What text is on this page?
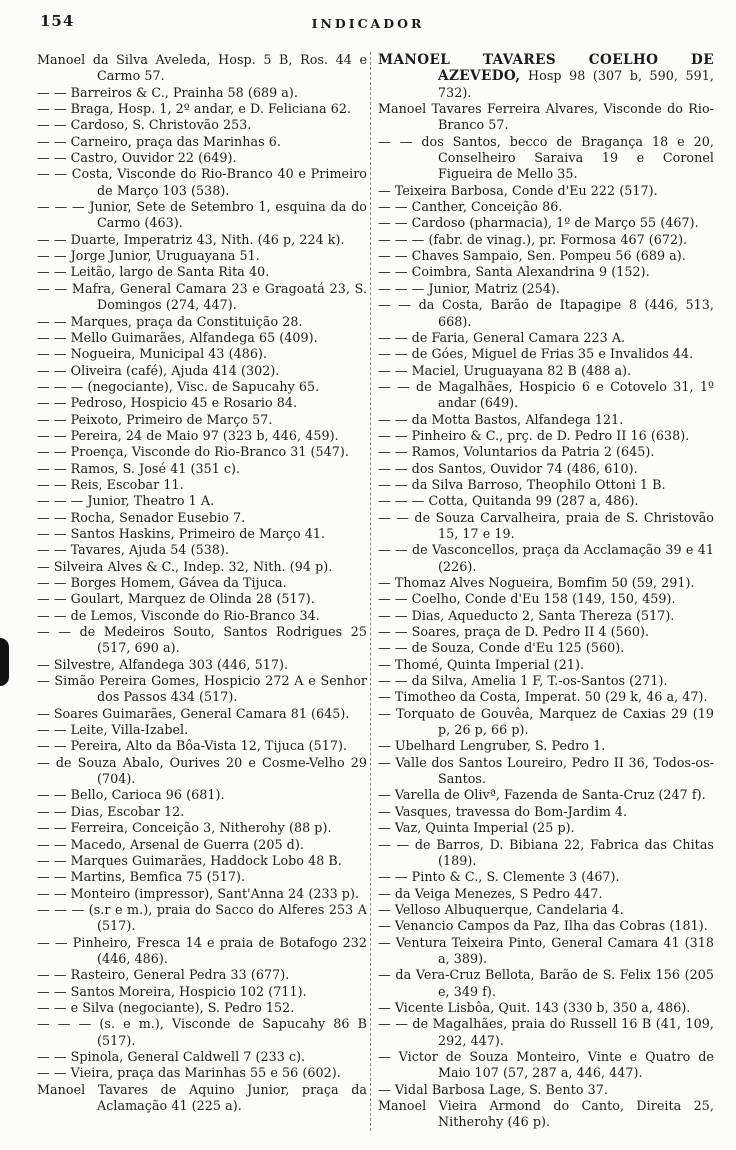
154	INDICADOR

Manoel da Silva Aveleda, Hosp. 5 B, Ros. 44 e Carmo 57.

— — Barreiros & C., Prainha 58 (689 a).

— — Braga, Hosp. 1, 2º andar, e D. Feliciana 62.

— — Cardoso, S. Christovão 253.

— — Carneiro, praça das Marinhas 6.

— — Castro, Ouvidor 22 (649).

— — Costa, Visconde do Rio-Branco 40 e Primeiro de Março 103 (538).

— — — Junior, Sete de Setembro 1, esquina da do Carmo (463).

— — Duarte, Imperatriz 43, Nith. (46 p, 224 k).

— — Jorge Junior, Uruguayana 51.

— — Leitão, largo de Santa Rita 40.

— — Mafra, General Camara 23 e Gragoatá 23, S. Domingos (274, 447).

— — Marques, praça da Constituição 28.

— — Mello Guimarães, Alfandega 65 (409).

— — Nogueira, Municipal 43 (486).

— — Oliveira (café), Ajuda 414 (302).

— — — (negociante), Visc. de Sapucahy 65.

— — Pedroso, Hospicio 45 e Rosario 84.

— — Peixoto, Primeiro de Março 57.

— — Pereira, 24 de Maio 97 (323 b, 446, 459).

— — Proença, Visconde do Rio-Branco 31 (547).

— — Ramos, S. José 41 (351 c).

— — Reis, Escobar 11.

— — — Junior, Theatro 1 A.

— — Rocha, Senador Eusebio 7.

— — Santos Haskins, Primeiro de Março 41.

— — Tavares, Ajuda 54 (538).

— Silveira Alves & C., Indep. 32, Nith. (94 p).

— — Borges Homem, Gávea da Tijuca.

— — Goulart, Marquez de Olinda 28 (517).

— — de Lemos, Visconde do Rio-Branco 34.

— — de Medeiros Souto, Santos Rodrigues 25 (517, 690 a).

— Silvestre, Alfandega 303 (446, 517).

— Simão Pereira Gomes, Hospicio 272 A e Senhor dos Passos 434 (517).

— Soares Guimarães, General Camara 81 (645).

— — Leite, Villa-Izabel.

— — Pereira, Alto da Bôa-Vista 12, Tijuca (517).

— de Souza Abalo, Ourives 20 e Cosme-Velho 29 (704).

— — Bello, Carioca 96 (681).

— — Dias, Escobar 12.

— — Ferreira, Conceição 3, Nitherohy (88 p).

— — Macedo, Arsenal de Guerra (205 d).

— — Marques Guimarães, Haddock Lobo 48 B.

— — Martins, Bemfica 75 (517).

— — Monteiro (impressor), Sant'Anna 24 (233 p).

— — — (s.r e m.), praia do Sacco do Alferes 253 A (517).

— — Pinheiro, Fresca 14 e praia de Botafogo 232 (446, 486).

— — Rasteiro, General Pedra 33 (677).

— — Santos Moreira, Hospicio 102 (711).

— — e Silva (negociante), S. Pedro 152.

— — — (s. e m.), Visconde de Sapucahy 86 B (517).

— — Spinola, General Caldwell 7 (233 c).

— — Vieira, praça das Marinhas 55 e 56 (602).

Manoel Tavares de Aquino Junior, praça da Aclamação 41 (225 a).

MANOEL TAVARES COELHO DE AZEVEDO, Hosp 98 (307 b, 590, 591, 732).

Manoel Tavares Ferreira Alvares, Visconde do Rio-Branco 57.

— — dos Santos, becco de Bragança 18 e 20, Conselheiro Saraiva 19 e Coronel Figueira de Mello 35.

— Teixeira Barbosa, Conde d'Eu 222 (517).

— — Canther, Conceição 86.

— — Cardoso (pharmacia), 1º de Março 55 (467).

— — — (fabr. de vinag.), pr. Formosa 467 (672).

— — Chaves Sampaio, Sen. Pompeu 56 (689 a).

— — Coimbra, Santa Alexandrina 9 (152).

— — — Junior, Matriz (254).

— — da Costa, Barão de Itapagipe 8 (446, 513, 668).

— — de Faria, General Camara 223 A.

— — de Góes, Miguel de Frias 35 e Invalidos 44.

— — Maciel, Uruguayana 82 B (488 a).

— — de Magalhães, Hospicio 6 e Cotovelo 31, 1º andar (649).

— — da Motta Bastos, Alfandega 121.

— — Pinheiro & C., prç. de D. Pedro II 16 (638).

— — Ramos, Voluntarios da Patria 2 (645).

— — dos Santos, Ouvidor 74 (486, 610).

— — da Silva Barroso, Theophilo Ottoni 1 B.

— — — Cotta, Quitanda 99 (287 a, 486).

— — de Souza Carvalheira, praia de S. Christovão 15, 17 e 19.

— — de Vasconcellos, praça da Acclamação 39 e 41 (226).

— Thomaz Alves Nogueira, Bomfim 50 (59, 291).

— — Coelho, Conde d'Eu 158 (149, 150, 459).

— — Dias, Aqueducto 2, Santa Thereza (517).

— — Soares, praça de D. Pedro II 4 (560).

— — de Souza, Conde d'Eu 125 (560).

— Thomé, Quinta Imperial (21).

— — da Silva, Amelia 1 F, T.-os-Santos (271).

— Timotheo da Costa, Imperat. 50 (29 k, 46 a, 47).

— Torquato de Gouvêa, Marquez de Caxias 29 (19 p, 26 p, 66 p).

— Ubelhard Lengruber, S. Pedro 1.

— Valle dos Santos Loureiro, Pedro II 36, Todos-os-Santos.

— Varella de Olivª, Fazenda de Santa-Cruz (247 f).

— Vasques, travessa do Bom-Jardim 4.

— Vaz, Quinta Imperial (25 p).

— — de Barros, D. Bibiana 22, Fabrica das Chitas (189).

— — Pinto & C., S. Clemente 3 (467).

— da Veiga Menezes, S Pedro 447.

— Velloso Albuquerque, Candelaria 4.

— Venancio Campos da Paz, Ilha das Cobras (181).

— Ventura Teixeira Pinto, General Camara 41 (318 a, 389).

— da Vera-Cruz Bellota, Barão de S. Felix 156 (205 e, 349 f).

— Vicente Lisbôa, Quit. 143 (330 b, 350 a, 486).

— — de Magalhães, praia do Russell 16 B (41, 109, 292, 447).

— Victor de Souza Monteiro, Vinte e Quatro de Maio 107 (57, 287 a, 446, 447).

— Vidal Barbosa Lage, S. Bento 37.

Manoel Vieira Armond do Canto, Direita 25, Nitherohy (46 p).
